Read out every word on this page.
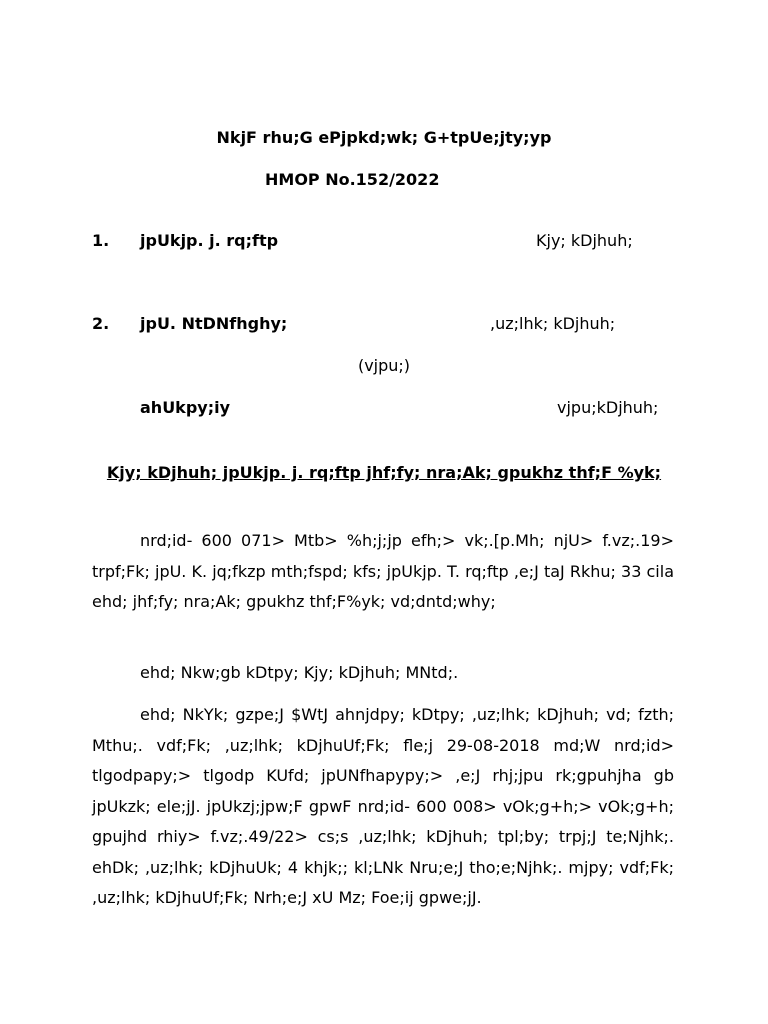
NkjF rhu;G ePjpkd;wk; G+tpUe;jty;yp
HMOP No.152/2022
1. jpUkjp. j. rq;ftp	Kjy; kDjhuh;
2. jpU. NtDNfhghy;	,uz;lhk; kDjhuh;
(vjpu;)
ahUkpy;iy	vjpu;kDjhuh;
Kjy; kDjhuh; jpUkjp. j. rq;ftp jhf;fy; nra;Ak; gpukhz thf;F %yk;
nrd;id- 600 071> Mtb> %h;j;jp efh;> vk;.[p.Mh; njU> f.vz;.19> trpf;Fk; jpU. K. jq;fkzp mth;fspd; kfs; jpUkjp. T. rq;ftp ,e;J taJ Rkhu; 33 cila ehd; jhf;fy; nra;Ak; gpukhz thf;F%yk; vd;dntd;why;
ehd; Nkw;gb kDtpy; Kjy; kDjhuh; MNtd;.
ehd; NkYk; gzpe;J $WtJ ahnjdpy; kDtpy; ,uz;lhk; kDjhuh; vd; fzth; Mthu;. vdf;Fk; ,uz;lhk; kDjhuUf;Fk; fle;j 29-08-2018 md;W nrd;id> tlgodpapy;> tlgodp KUfd; jpUNfhapypy;> ,e;J rhj;jpu rk;gpuhjha gb jpUkzk; ele;jJ. jpUkzj;jpw;F gpwF nrd;id- 600 008> vOk;g+h;> vOk;g+h; gpujhd rhiy> f.vz;.49/22> cs;s ,uz;lhk; kDjhuh; tpl;by; trpj;J te;Njhk;. ehDk; ,uz;lhk; kDjhuUk; 4 khjk;; kl;LNk Nru;e;J tho;e;Njhk;. mjpy; vdf;Fk; ,uz;lhk; kDjhuUf;Fk; Nrh;e;J xU Mz; Foe;ij gpwe;jJ.
